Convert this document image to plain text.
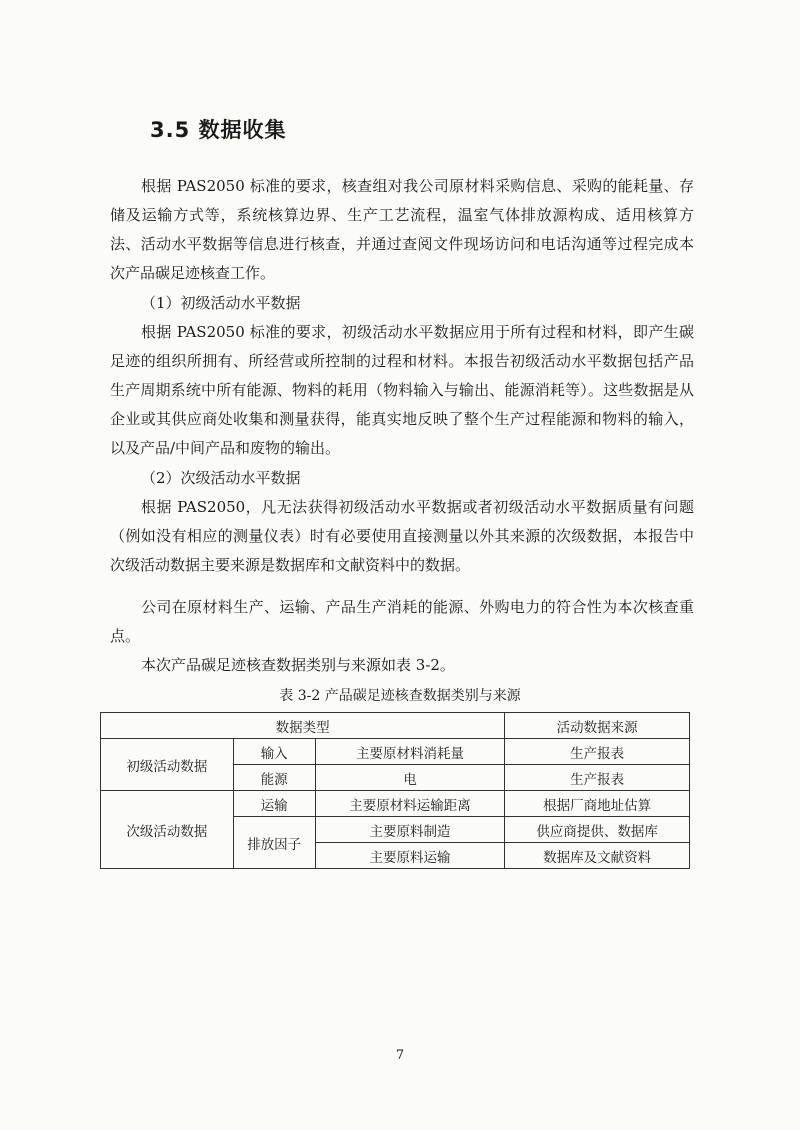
3.5 数据收集

根据 PAS2050 标准的要求，核查组对我公司原材料采购信息、采购的能耗量、存储及运输方式等，系统核算边界、生产工艺流程，温室气体排放源构成、适用核算方法、活动水平数据等信息进行核查，并通过查阅文件现场访问和电话沟通等过程完成本次产品碳足迹核查工作。

（1）初级活动水平数据

根据 PAS2050 标准的要求，初级活动水平数据应用于所有过程和材料，即产生碳足迹的组织所拥有、所经营或所控制的过程和材料。本报告初级活动水平数据包括产品生产周期系统中所有能源、物料的耗用（物料输入与输出、能源消耗等）。这些数据是从企业或其供应商处收集和测量获得，能真实地反映了整个生产过程能源和物料的输入，以及产品/中间产品和废物的输出。

（2）次级活动水平数据

根据 PAS2050，凡无法获得初级活动水平数据或者初级活动水平数据质量有问题（例如没有相应的测量仪表）时有必要使用直接测量以外其来源的次级数据，本报告中次级活动数据主要来源是数据库和文献资料中的数据。

公司在原材料生产、运输、产品生产消耗的能源、外购电力的符合性为本次核查重点。

本次产品碳足迹核查数据类别与来源如表 3-2。

表 3-2 产品碳足迹核查数据类别与来源
数据类型			活动数据来源
初级活动数据	输入	主要原材料消耗量	生产报表
	能源	电	生产报表
次级活动数据	运输	主要原材料运输距离	根据厂商地址估算
	排放因子	主要原料制造	供应商提供、数据库
		主要原料运输	数据库及文献资料
7
